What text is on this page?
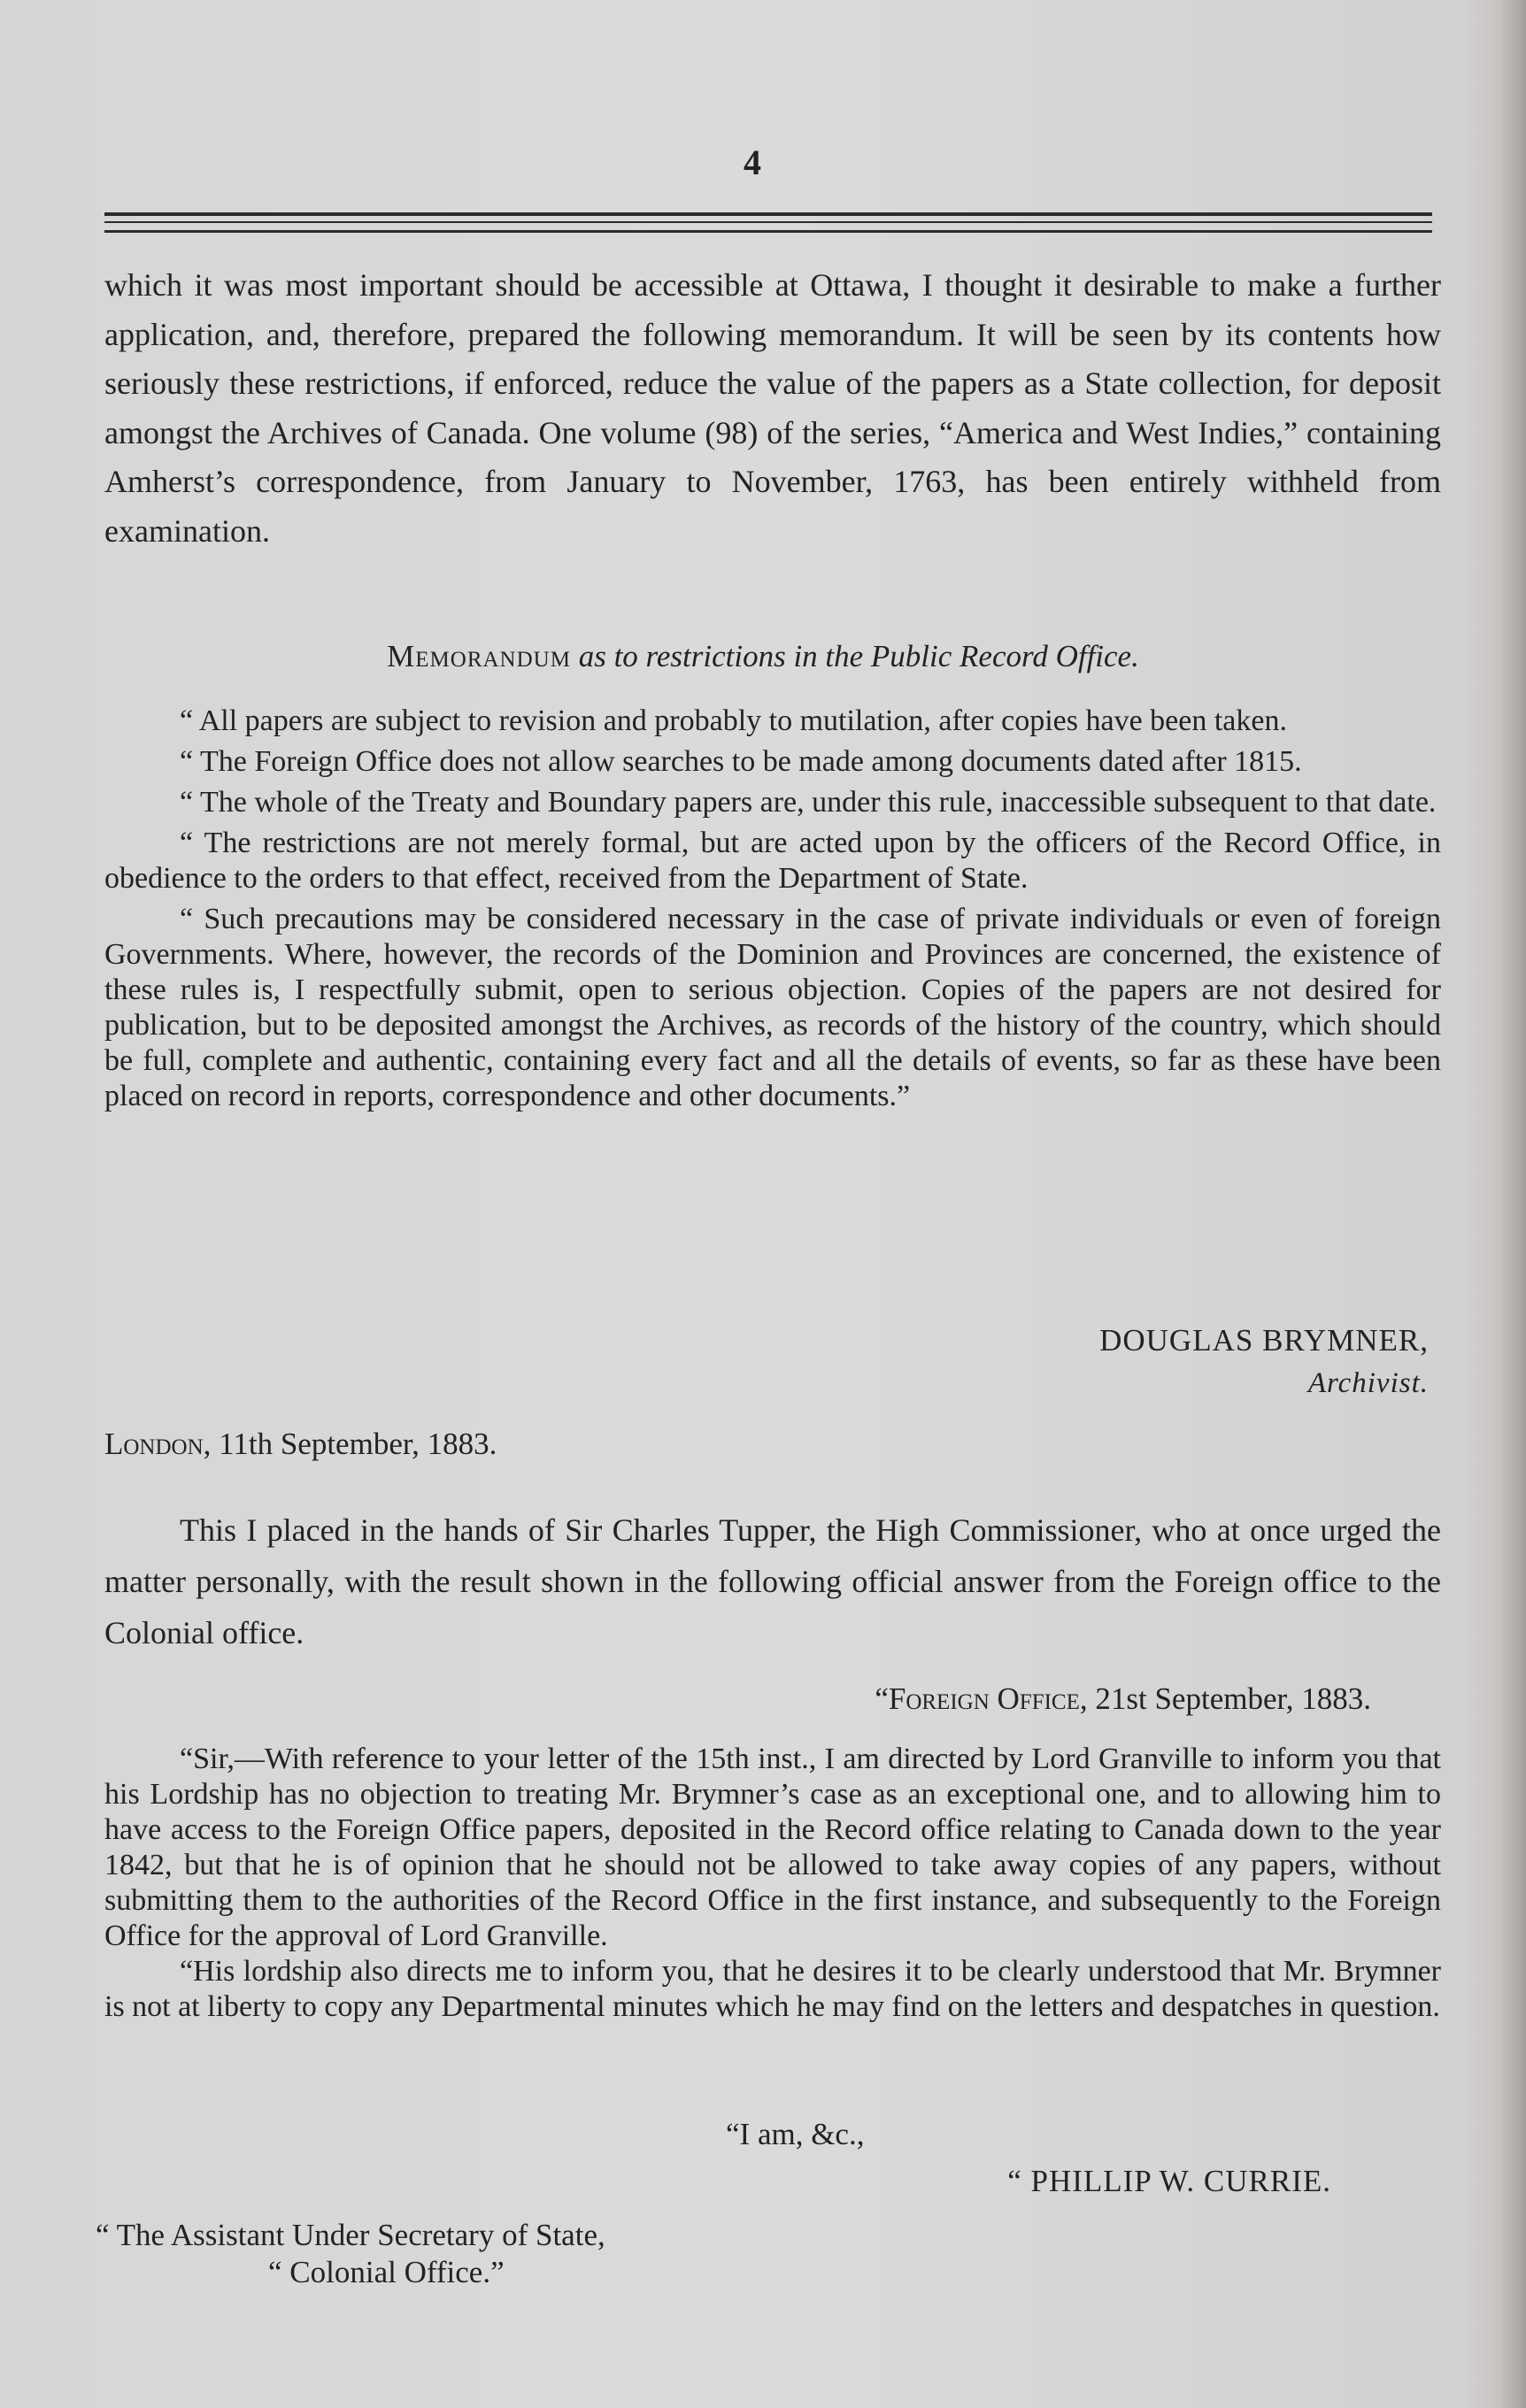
4

which it was most important should be accessible at Ottawa, I thought it desirable to make a further application, and, therefore, prepared the following memorandum. It will be seen by its contents how seriously these restrictions, if enforced, reduce the value of the papers as a State collection, for deposit amongst the Archives of Canada. One volume (98) of the series, “America and West Indies,” containing Amherst’s correspondence, from January to November, 1763, has been entirely withheld from examination.

Memorandum as to restrictions in the Public Record Office.

“ All papers are subject to revision and probably to mutilation, after copies have been taken.

“ The Foreign Office does not allow searches to be made among documents dated after 1815.

“ The whole of the Treaty and Boundary papers are, under this rule, inaccessible subsequent to that date.

“ The restrictions are not merely formal, but are acted upon by the officers of the Record Office, in obedience to the orders to that effect, received from the Department of State.

“ Such precautions may be considered necessary in the case of private individuals or even of foreign Governments. Where, however, the records of the Dominion and Provinces are concerned, the existence of these rules is, I respectfully submit, open to serious objection. Copies of the papers are not desired for publication, but to be deposited amongst the Archives, as records of the history of the country, which should be full, complete and authentic, containing every fact and all the details of events, so far as these have been placed on record in reports, correspondence and other documents.”

DOUGLAS BRYMNER,
Archivist.
London, 11th September, 1883.
This I placed in the hands of Sir Charles Tupper, the High Commissioner, who at once urged the matter personally, with the result shown in the following official answer from the Foreign office to the Colonial office.
“Foreign Office, 21st September, 1883.

“Sir,—With reference to your letter of the 15th inst., I am directed by Lord Granville to inform you that his Lordship has no objection to treating Mr. Brymner’s case as an exceptional one, and to allowing him to have access to the Foreign Office papers, deposited in the Record office relating to Canada down to the year 1842, but that he is of opinion that he should not be allowed to take away copies of any papers, without submitting them to the authorities of the Record Office in the first instance, and subsequently to the Foreign Office for the approval of Lord Granville.

“His lordship also directs me to inform you, that he desires it to be clearly understood that Mr. Brymner is not at liberty to copy any Departmental minutes which he may find on the letters and despatches in question.

“I am, &c.,
“ PHILLIP W. CURRIE.
“ The Assistant Under Secretary of State,
“ Colonial Office.”
